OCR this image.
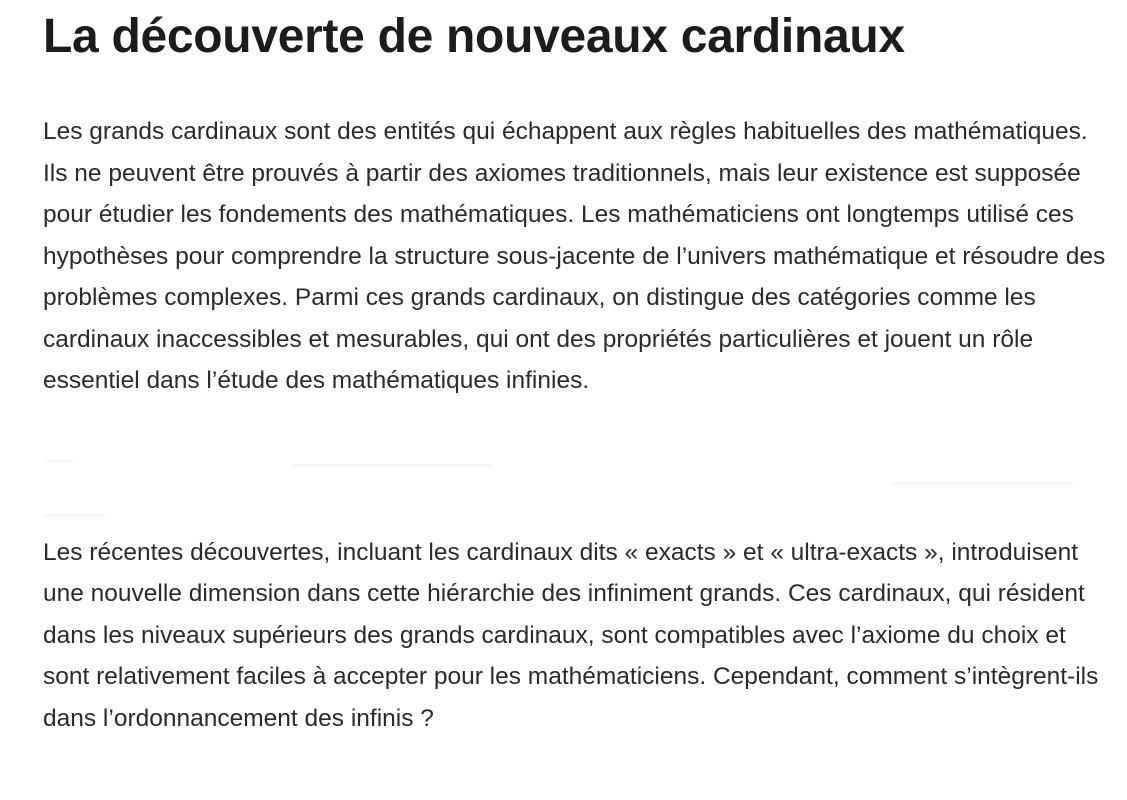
La découverte de nouveaux cardinaux

Les grands cardinaux sont des entités qui échappent aux règles habituelles des mathématiques. Ils ne peuvent être prouvés à partir des axiomes traditionnels, mais leur existence est supposée pour étudier les fondements des mathématiques. Les mathématiciens ont longtemps utilisé ces hypothèses pour comprendre la structure sous-jacente de l’univers mathématique et résoudre des problèmes complexes. Parmi ces grands cardinaux, on distingue des catégories comme les cardinaux inaccessibles et mesurables, qui ont des propriétés particulières et jouent un rôle essentiel dans l’étude des mathématiques infinies.

Les récentes découvertes, incluant les cardinaux dits « exacts » et « ultra-exacts », introduisent une nouvelle dimension dans cette hiérarchie des infiniment grands. Ces cardinaux, qui résident dans les niveaux supérieurs des grands cardinaux, sont compatibles avec l’axiome du choix et sont relativement faciles à accepter pour les mathématiciens. Cependant, comment s’intègrent-ils dans l’ordonnancement des infinis ?
